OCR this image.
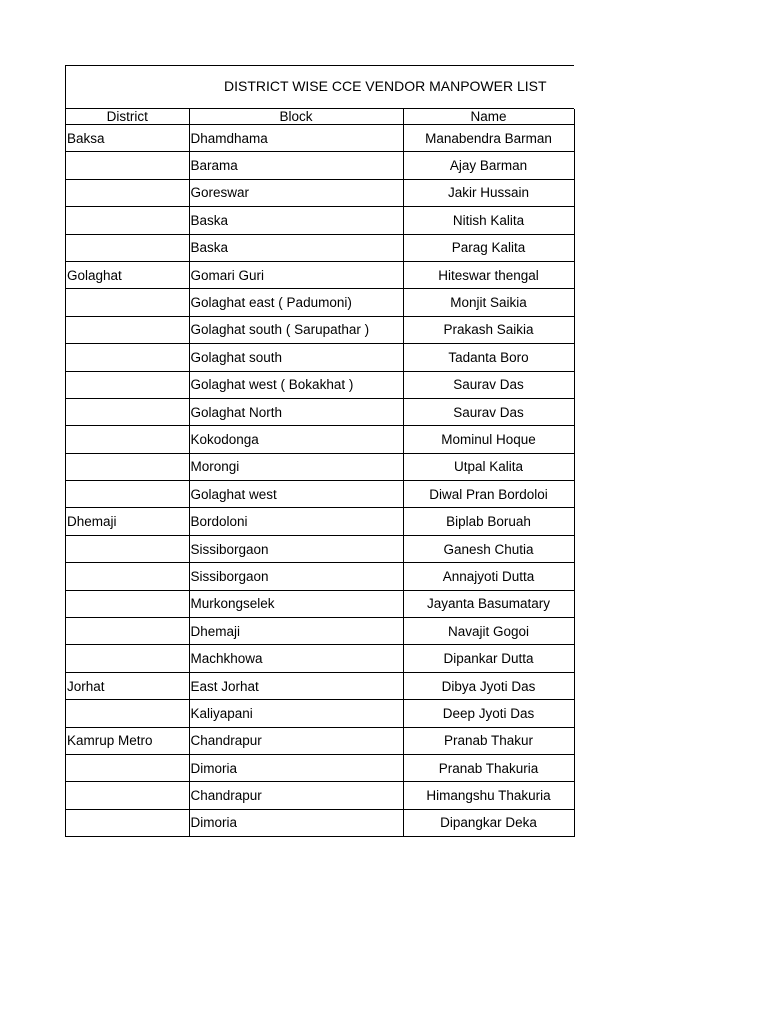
DISTRICT WISE CCE VENDOR MANPOWER LIST
District	Block	Name
Baksa	Dhamdhama	Manabendra Barman
	Barama	Ajay Barman
	Goreswar	Jakir Hussain
	Baska	Nitish Kalita
	Baska	Parag Kalita
Golaghat	Gomari Guri	Hiteswar thengal
	Golaghat east ( Padumoni)	Monjit Saikia
	Golaghat south ( Sarupathar )	Prakash Saikia
	Golaghat south	Tadanta Boro
	Golaghat west ( Bokakhat )	Saurav Das
	Golaghat North	Saurav Das
	Kokodonga	Mominul Hoque
	Morongi	Utpal Kalita
	Golaghat west	Diwal Pran Bordoloi
Dhemaji	Bordoloni	Biplab Boruah
	Sissiborgaon	Ganesh Chutia
	Sissiborgaon	Annajyoti Dutta
	Murkongselek	Jayanta Basumatary
	Dhemaji	Navajit Gogoi
	Machkhowa	Dipankar Dutta
Jorhat	East Jorhat	Dibya Jyoti Das
	Kaliyapani	Deep Jyoti Das
Kamrup Metro	Chandrapur	Pranab Thakur
	Dimoria	Pranab Thakuria
	Chandrapur	Himangshu Thakuria
	Dimoria	Dipangkar Deka
